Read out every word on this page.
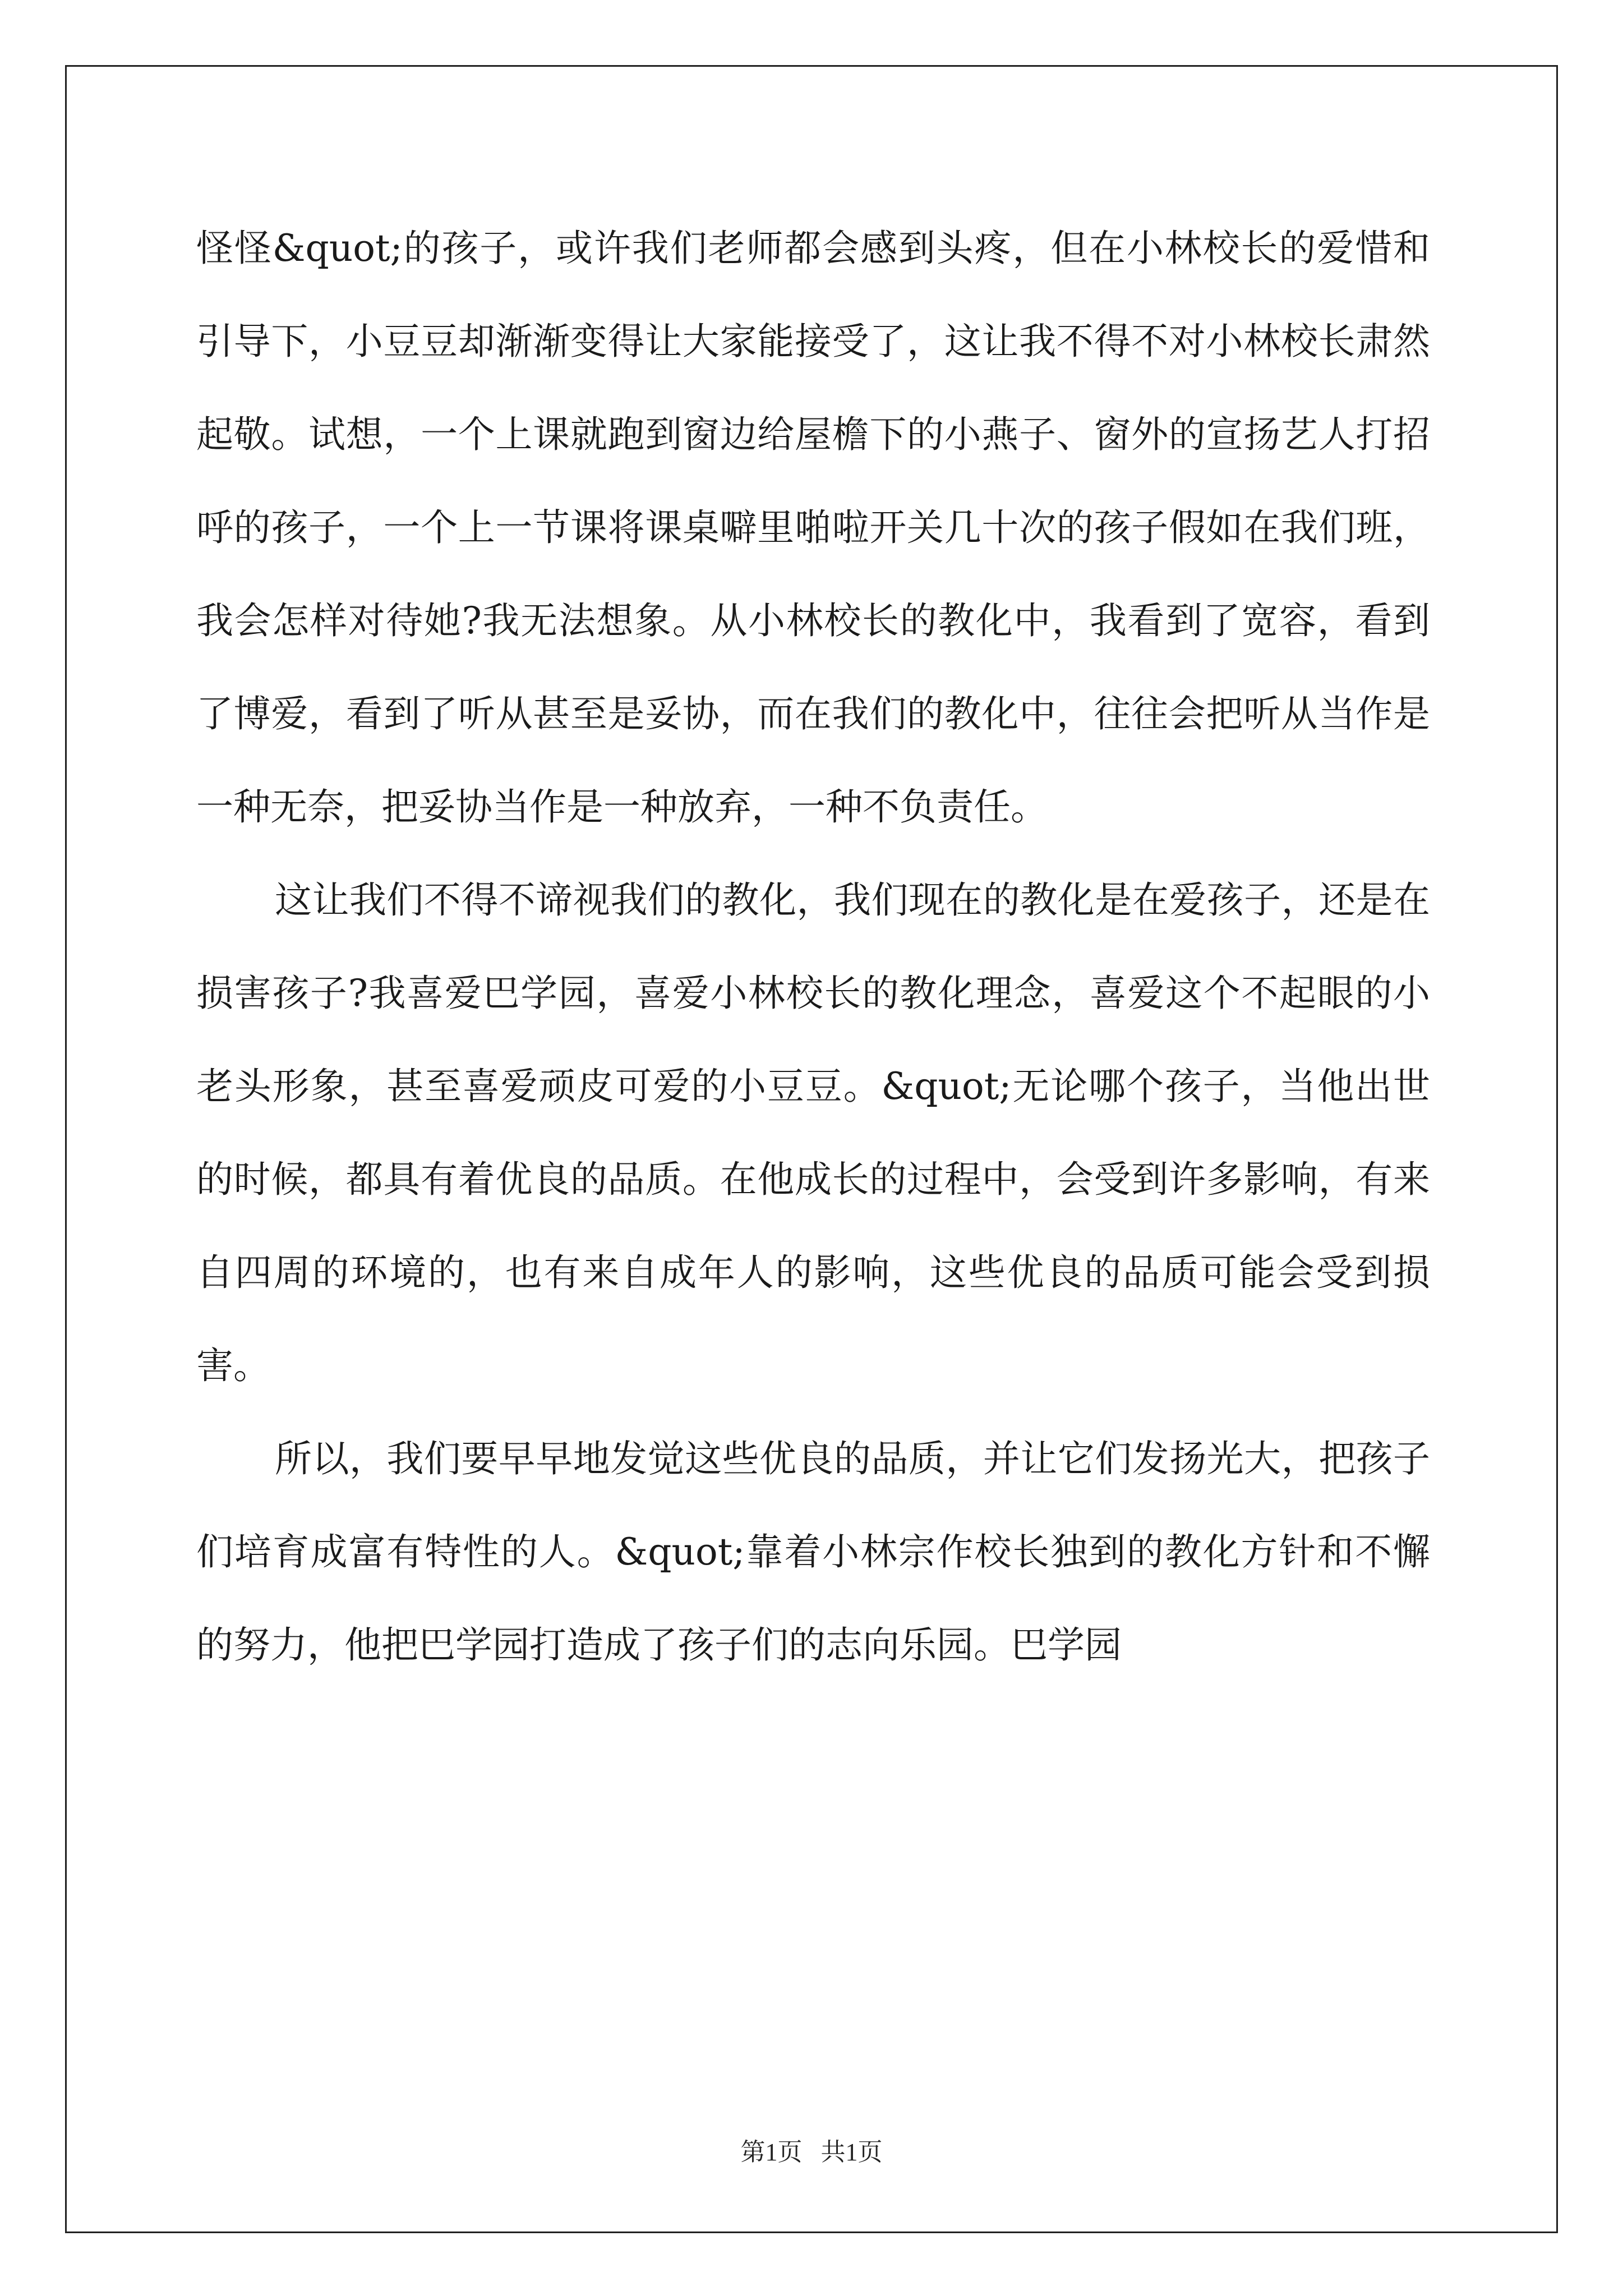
怪怪&quot;的孩子，或许我们老师都会感到头疼，但在小林校长的爱惜和引导下，小豆豆却渐渐变得让大家能接受了，这让我不得不对小林校长肃然起敬。试想，一个上课就跑到窗边给屋檐下的小燕子、窗外的宣扬艺人打招呼的孩子，一个上一节课将课桌噼里啪啦开关几十次的孩子假如在我们班，我会怎样对待她?我无法想象。从小林校长的教化中，我看到了宽容，看到了博爱，看到了听从甚至是妥协，而在我们的教化中，往往会把听从当作是一种无奈，把妥协当作是一种放弃，一种不负责任。

这让我们不得不谛视我们的教化，我们现在的教化是在爱孩子，还是在损害孩子?我喜爱巴学园，喜爱小林校长的教化理念，喜爱这个不起眼的小老头形象，甚至喜爱顽皮可爱的小豆豆。&quot;无论哪个孩子，当他出世的时候，都具有着优良的品质。在他成长的过程中，会受到许多影响，有来自四周的环境的，也有来自成年人的影响，这些优良的品质可能会受到损害。

所以，我们要早早地发觉这些优良的品质，并让它们发扬光大，把孩子们培育成富有特性的人。&quot;靠着小林宗作校长独到的教化方针和不懈的努力，他把巴学园打造成了孩子们的志向乐园。巴学园

第1页   共1页
